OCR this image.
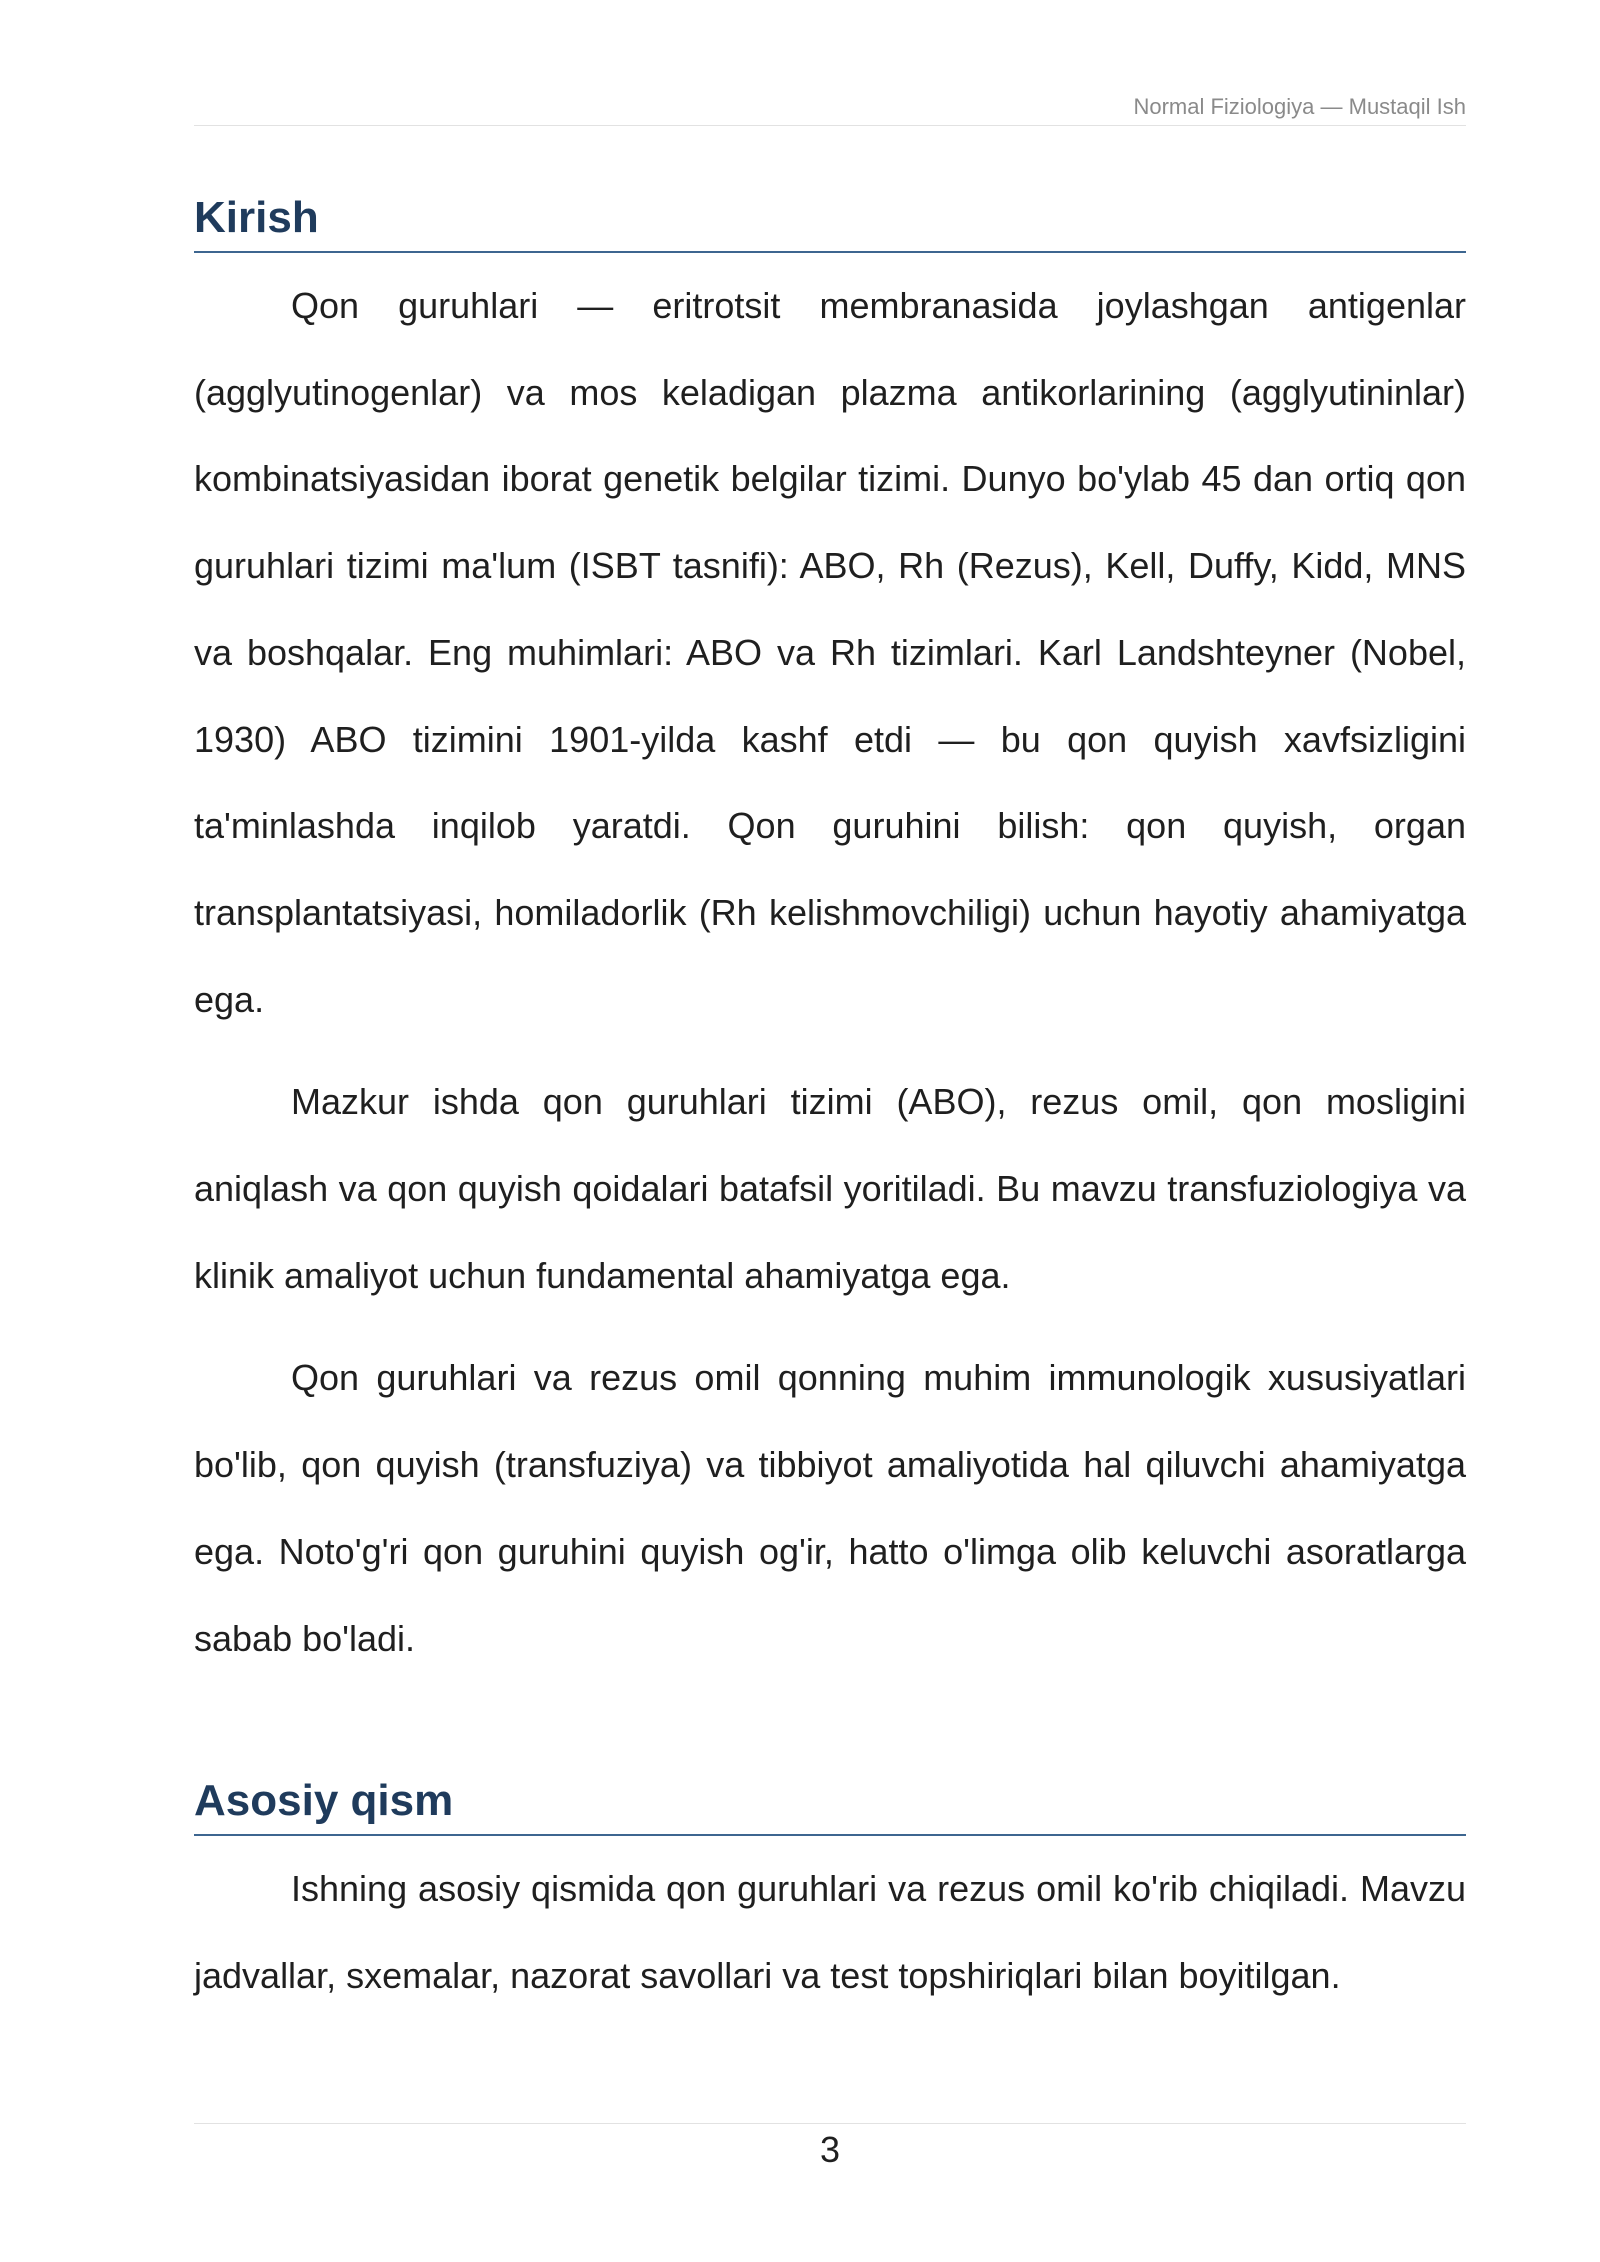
Normal Fiziologiya — Mustaqil Ish
Kirish

Qon guruhlari — eritrotsit membranasida joylashgan antigenlar (agglyutinogenlar) va mos keladigan plazma antikorlarining (agglyutininlar) kombinatsiyasidan iborat genetik belgilar tizimi. Dunyo bo'ylab 45 dan ortiq qon guruhlari tizimi ma'lum (ISBT tasnifi): ABO, Rh (Rezus), Kell, Duffy, Kidd, MNS va boshqalar. Eng muhimlari: ABO va Rh tizimlari. Karl Landshteyner (Nobel, 1930) ABO tizimini 1901-yilda kashf etdi — bu qon quyish xavfsizligini ta'minlashda inqilob yaratdi. Qon guruhini bilish: qon quyish, organ transplantatsiyasi, homiladorlik (Rh kelishmovchiligi) uchun hayotiy ahamiyatga ega.

Mazkur ishda qon guruhlari tizimi (ABO), rezus omil, qon mosligini aniqlash va qon quyish qoidalari batafsil yoritiladi. Bu mavzu transfuziologiya va klinik amaliyot uchun fundamental ahamiyatga ega.

Qon guruhlari va rezus omil qonning muhim immunologik xususiyatlari bo'lib, qon quyish (transfuziya) va tibbiyot amaliyotida hal qiluvchi ahamiyatga ega. Noto'g'ri qon guruhini quyish og'ir, hatto o'limga olib keluvchi asoratlarga sabab bo'ladi.

Asosiy qism

Ishning asosiy qismida qon guruhlari va rezus omil ko'rib chiqiladi. Mavzu jadvallar, sxemalar, nazorat savollari va test topshiriqlari bilan boyitilgan.

3
